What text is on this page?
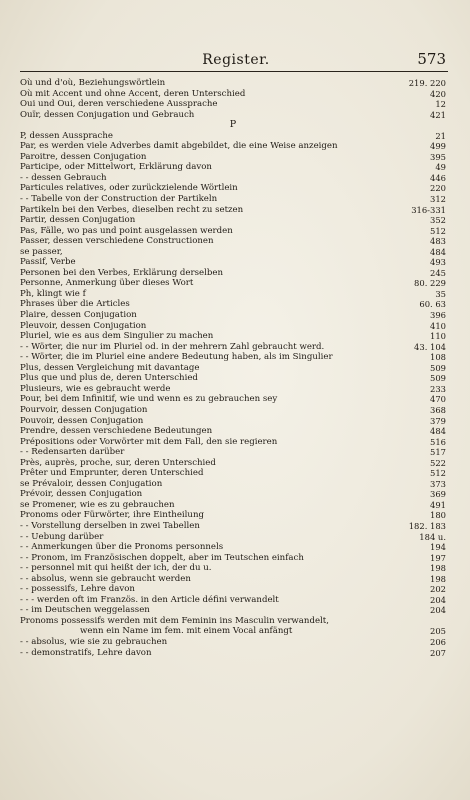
Register.	573
Où und d'où, Beziehungswörtlein	219. 220
Où mit Accent und ohne Accent, deren Unterschied	420
Oui und Oui, deren verschiedene Aussprache	12
Ouïr, dessen Conjugation und Gebrauch	421
P
P, dessen Aussprache	21
Par, es werden viele Adverbes damit abgebildet, die eine Weise anzeigen	499
Paroitre, dessen Conjugation	395
Participe, oder Mittelwort, Erklärung davon	49
- - dessen Gebrauch	446
Particules relatives, oder zurückzielende Wörtlein	220
- - Tabelle von der Construction der Partikeln	312
Partikeln bei den Verbes, dieselben recht zu setzen	316-331
Partir, dessen Conjugation	352
Pas, Fälle, wo pas und point ausgelassen werden	512
Passer, dessen verschiedene Constructionen	483
se passer,	484
Passif, Verbe	493
Personen bei den Verbes, Erklärung derselben	245
Personne, Anmerkung über dieses Wort	80. 229
Ph, klingt wie f	35
Phrases über die Articles	60. 63
Plaire, dessen Conjugation	396
Pleuvoir, dessen Conjugation	410
Pluriel, wie es aus dem Singulier zu machen	110
- - Wörter, die nur im Pluriel od. in der mehrern Zahl gebraucht werd.	43. 104
- - Wörter, die im Pluriel eine andere Bedeutung haben, als im Singulier	108
Plus, dessen Vergleichung mit davantage	509
Plus que und plus de, deren Unterschied	509
Plusieurs, wie es gebraucht werde	233
Pour, bei dem Infinitif, wie und wenn es zu gebrauchen sey	470
Pourvoir, dessen Conjugation	368
Pouvoir, dessen Conjugation	379
Prendre, dessen verschiedene Bedeutungen	484
Prépositions oder Vorwörter mit dem Fall, den sie regieren	516
- - Redensarten darüber	517
Près, auprès, proche, sur, deren Unterschied	522
Prêter und Emprunter, deren Unterschied	512
se Prévaloir, dessen Conjugation	373
Prévoir, dessen Conjugation	369
se Promener, wie es zu gebrauchen	491
Pronoms oder Fürwörter, ihre Eintheilung	180
- - Vorstellung derselben in zwei Tabellen	182. 183
- - Uebung darüber	184 u.
- - Anmerkungen über die Pronoms personnels	194
- - Pronom, im Französischen doppelt, aber im Teutschen einfach	197
- - personnel mit qui heißt der ich, der du u.	198
- - absolus, wenn sie gebraucht werden	198
- - possessifs, Lehre davon	202
- - - werden oft im Französ. in den Article défini verwandelt	204
- - im Deutschen weggelassen	204
Pronoms possessifs werden mit dem Feminin ins Masculin verwandelt,
wenn ein Name im fem. mit einem Vocal anfängt	205
- - absolus, wie sie zu gebrauchen	206
- - demonstratifs, Lehre davon	207
